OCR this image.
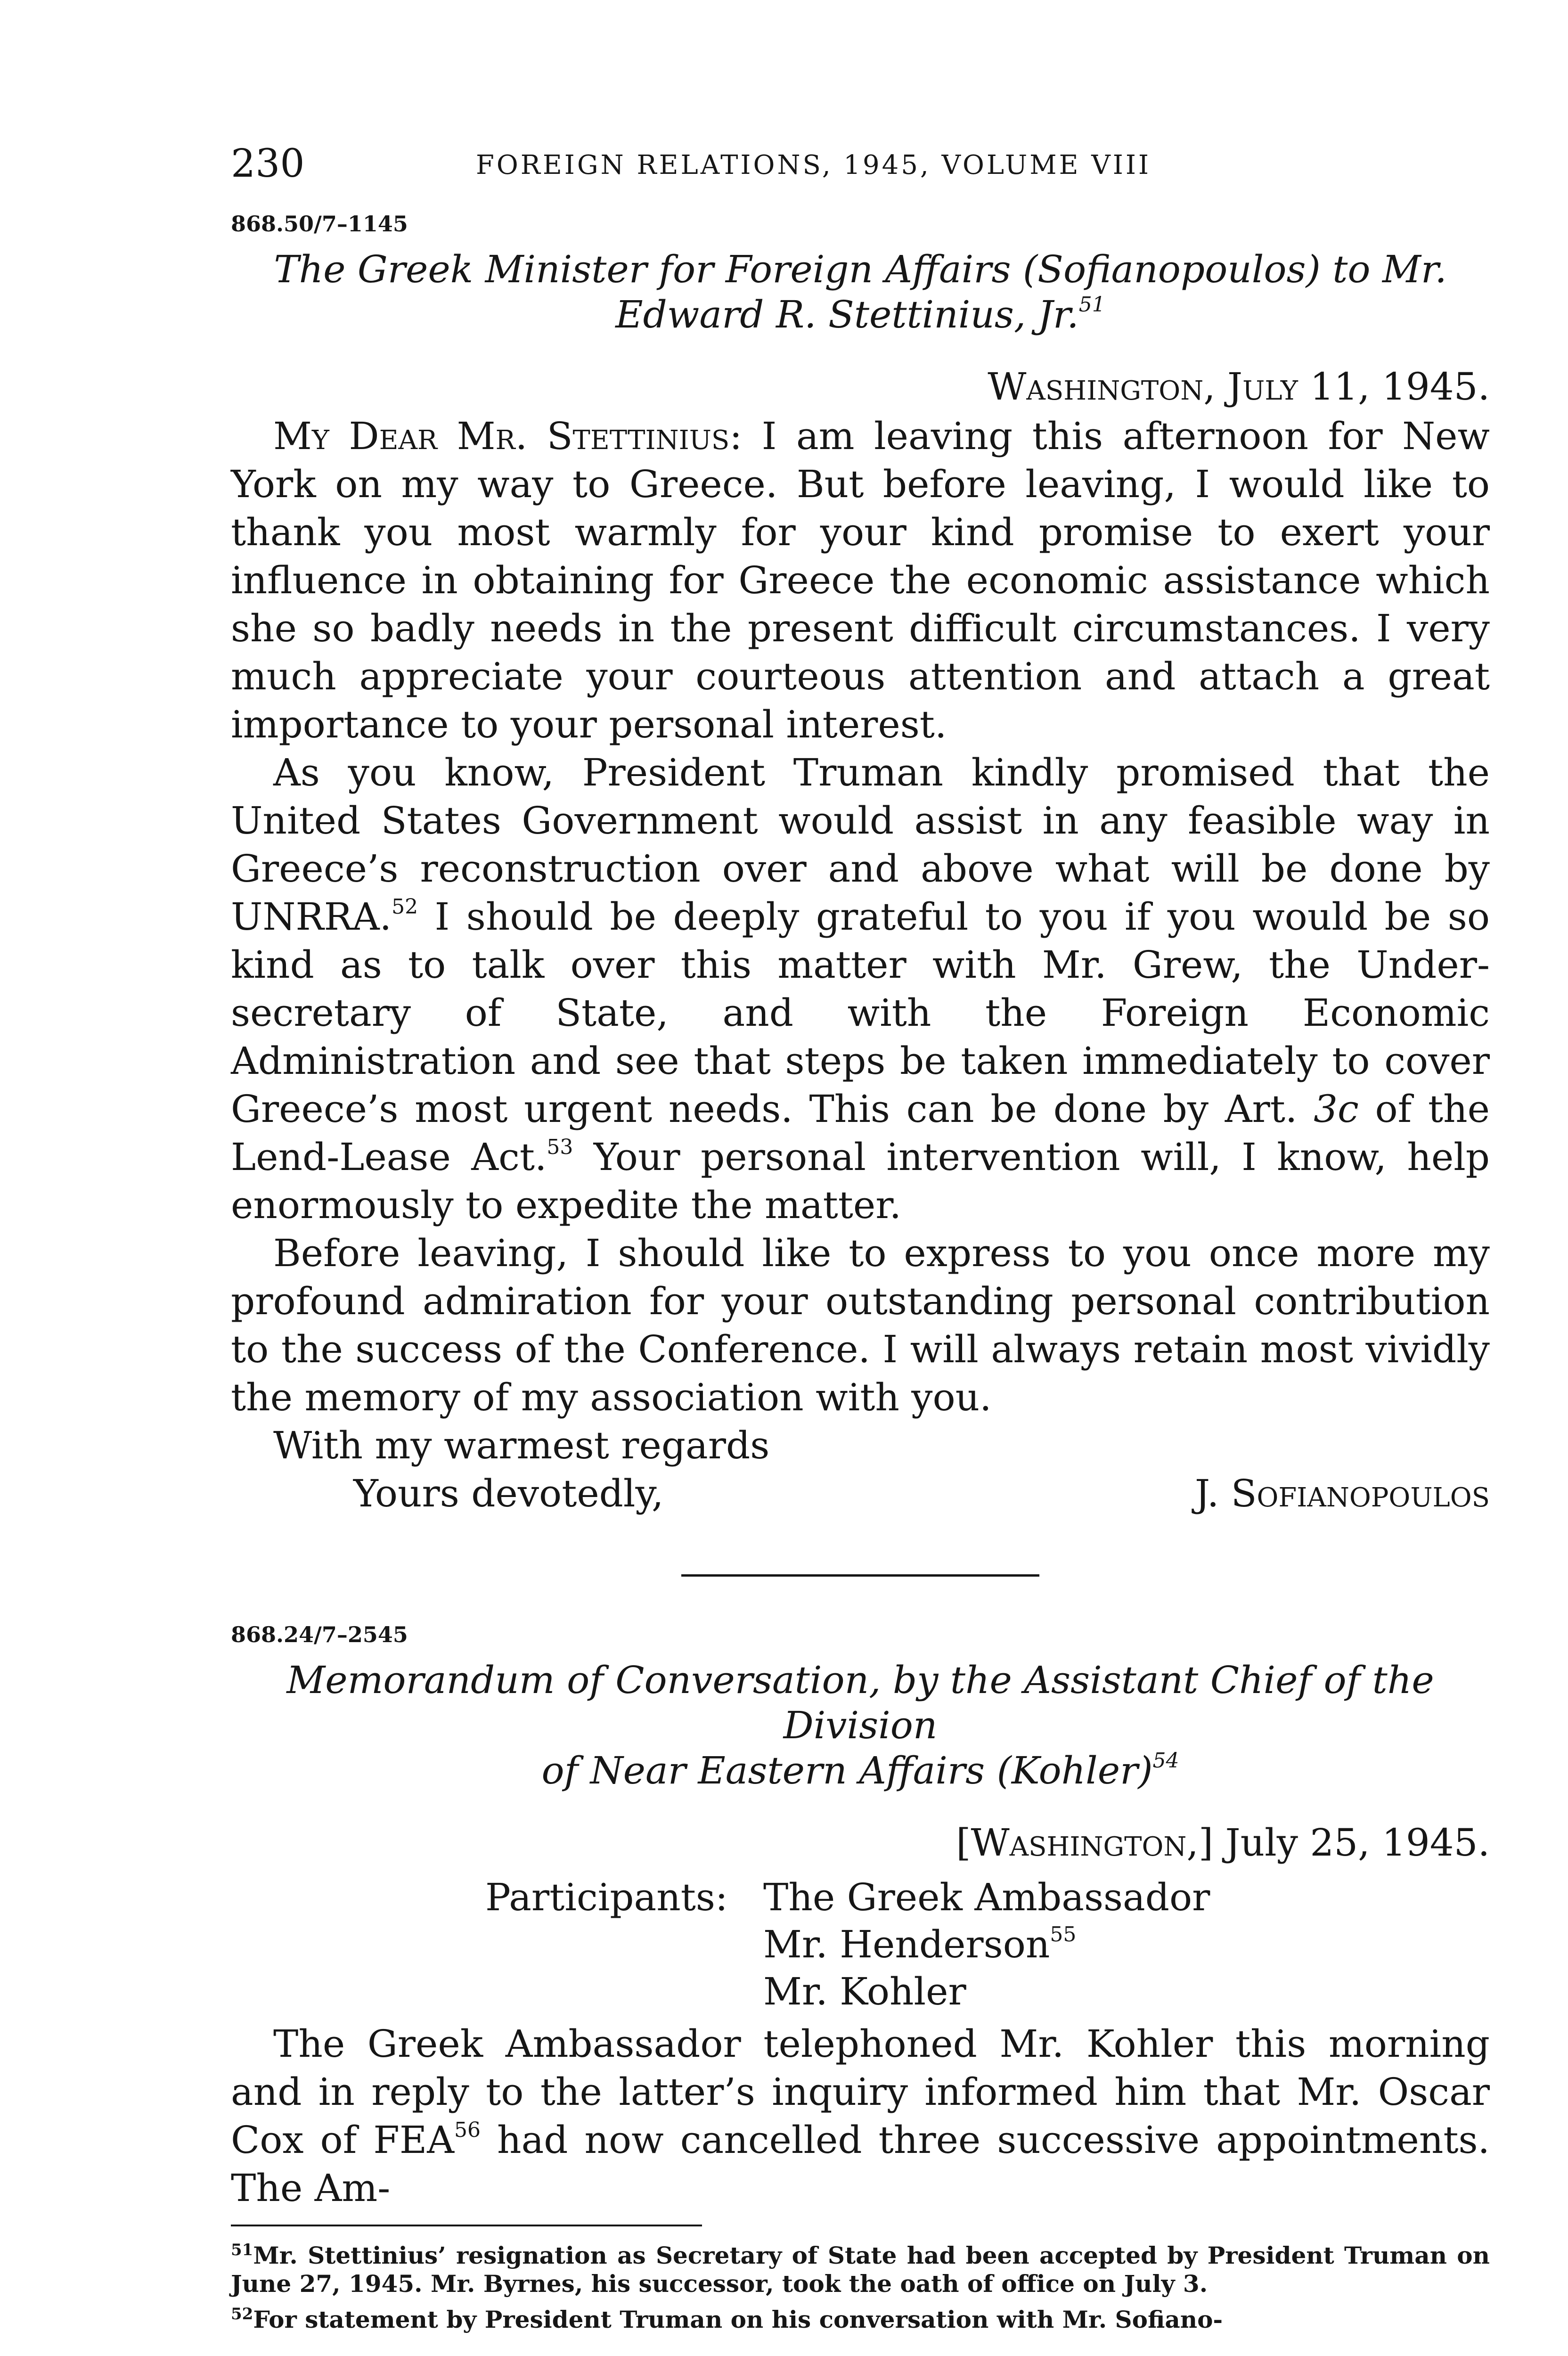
230	FOREIGN RELATIONS, 1945, VOLUME VIII
868.50/7–1145
The Greek Minister for Foreign Affairs (Sofianopoulos) to Mr.
Edward R. Stettinius, Jr.$^{51}$
Washington, July 11, 1945.

My Dear Mr. Stettinius: I am leaving this afternoon for New York on my way to Greece. But before leaving, I would like to thank you most warmly for your kind promise to exert your influence in obtaining for Greece the economic assistance which she so badly needs in the present difficult circumstances. I very much appreciate your courteous attention and attach a great importance to your personal interest.

As you know, President Truman kindly promised that the United States Government would assist in any feasible way in Greece’s reconstruction over and above what will be done by UNRRA.$^{52}$ I should be deeply grateful to you if you would be so kind as to talk over this matter with Mr. Grew, the Under-secretary of State, and with the Foreign Economic Administration and see that steps be taken immediately to cover Greece’s most urgent needs. This can be done by Art. 3c of the Lend-Lease Act.$^{53}$ Your personal intervention will, I know, help enormously to expedite the matter.

Before leaving, I should like to express to you once more my profound admiration for your outstanding personal contribution to the success of the Conference. I will always retain most vividly the memory of my association with you.

With my warmest regards
Yours devotedly,	J. Sofianopoulos
868.24/7–2545
Memorandum of Conversation, by the Assistant Chief of the Division
of Near Eastern Affairs (Kohler)$^{54}$
[Washington,] July 25, 1945.
Participants: The Greek Ambassador
Mr. Henderson$^{55}$
Mr. Kohler

The Greek Ambassador telephoned Mr. Kohler this morning and in reply to the latter’s inquiry informed him that Mr. Oscar Cox of FEA$^{56}$ had now cancelled three successive appointments. The Am-

$^{51}$Mr. Stettinius’ resignation as Secretary of State had been accepted by President Truman on June 27, 1945. Mr. Byrnes, his successor, took the oath of office on July 3.

$^{52}$For statement by President Truman on his conversation with Mr. Sofiano-
